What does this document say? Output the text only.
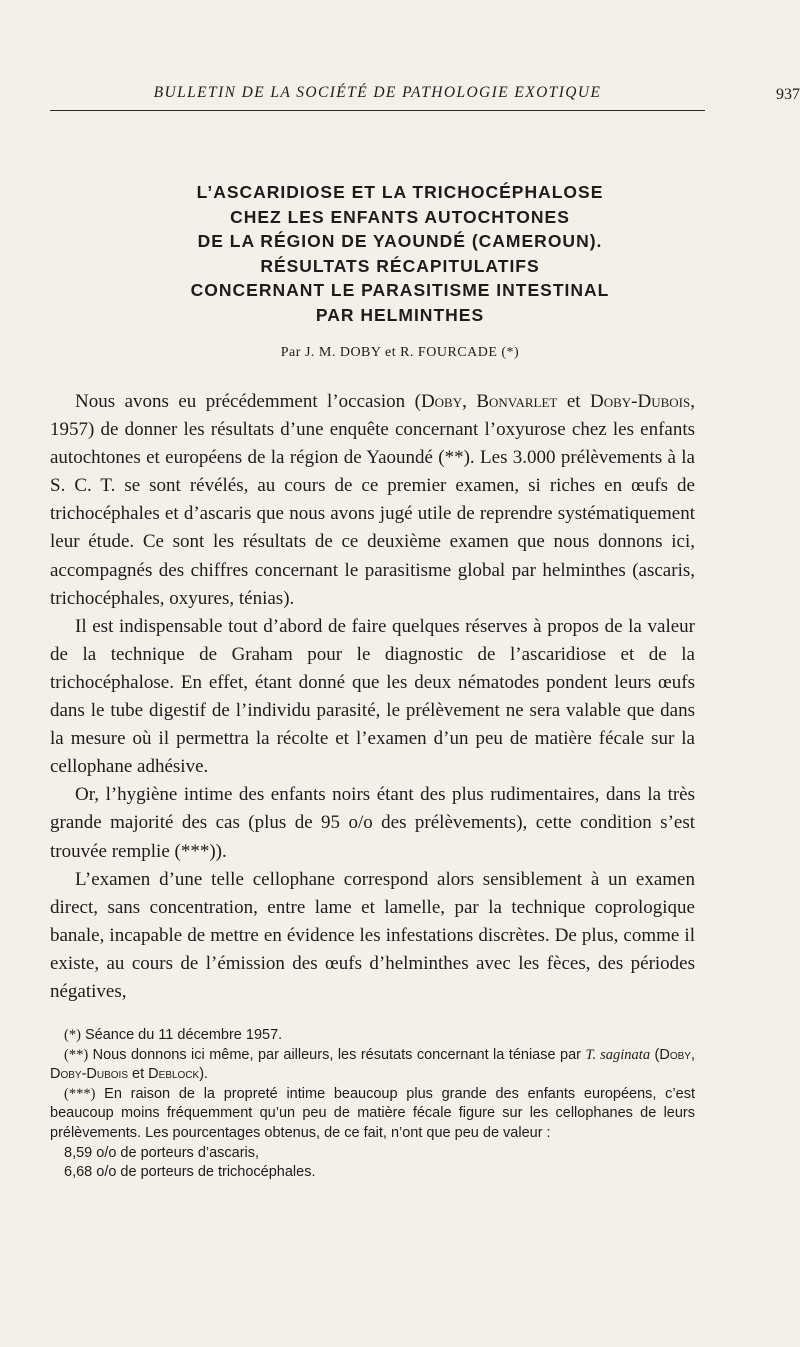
BULLETIN DE LA SOCIÉTÉ DE PATHOLOGIE EXOTIQUE	937
L’ASCARIDIOSE ET LA TRICHOCÉPHALOSE
CHEZ LES ENFANTS AUTOCHTONES
DE LA RÉGION DE YAOUNDÉ (CAMEROUN).
RÉSULTATS RÉCAPITULATIFS
CONCERNANT LE PARASITISME INTESTINAL
PAR HELMINTHES
Par J. M. DOBY et R. FOURCADE (*)

Nous avons eu précédemment l’occasion (Doby, Bonvarlet et Doby-Dubois, 1957) de donner les résultats d’une enquête concernant l’oxyurose chez les enfants autochtones et européens de la région de Yaoundé (**). Les 3.000 prélèvements à la S. C. T. se sont révélés, au cours de ce premier examen, si riches en œufs de trichocéphales et d’ascaris que nous avons jugé utile de reprendre systématiquement leur étude. Ce sont les résultats de ce deuxième examen que nous donnons ici, accompagnés des chiffres concernant le parasitisme global par helminthes (ascaris, trichocéphales, oxyures, ténias).

Il est indispensable tout d’abord de faire quelques réserves à propos de la valeur de la technique de Graham pour le diagnostic de l’ascaridiose et de la trichocéphalose. En effet, étant donné que les deux nématodes pondent leurs œufs dans le tube digestif de l’individu parasité, le prélèvement ne sera valable que dans la mesure où il permettra la récolte et l’examen d’un peu de matière fécale sur la cellophane adhésive.

Or, l’hygiène intime des enfants noirs étant des plus rudimentaires, dans la très grande majorité des cas (plus de 95 o/o des prélèvements), cette condition s’est trouvée remplie (***)).

L’examen d’une telle cellophane correspond alors sensiblement à un examen direct, sans concentration, entre lame et lamelle, par la technique coprologique banale, incapable de mettre en évidence les infestations discrètes. De plus, comme il existe, au cours de l’émission des œufs d’helminthes avec les fèces, des périodes négatives,

(*) Séance du 11 décembre 1957.

(**) Nous donnons ici même, par ailleurs, les résutats concernant la téniase par T. saginata (Doby, Doby-Dubois et Deblock).

(***) En raison de la propreté intime beaucoup plus grande des enfants européens, c’est beaucoup moins fréquemment qu’un peu de matière fécale figure sur les cellophanes de leurs prélèvements. Les pourcentages obtenus, de ce fait, n’ont que peu de valeur :

8,59 o/o de porteurs d’ascaris,

6,68 o/o de porteurs de trichocéphales.
